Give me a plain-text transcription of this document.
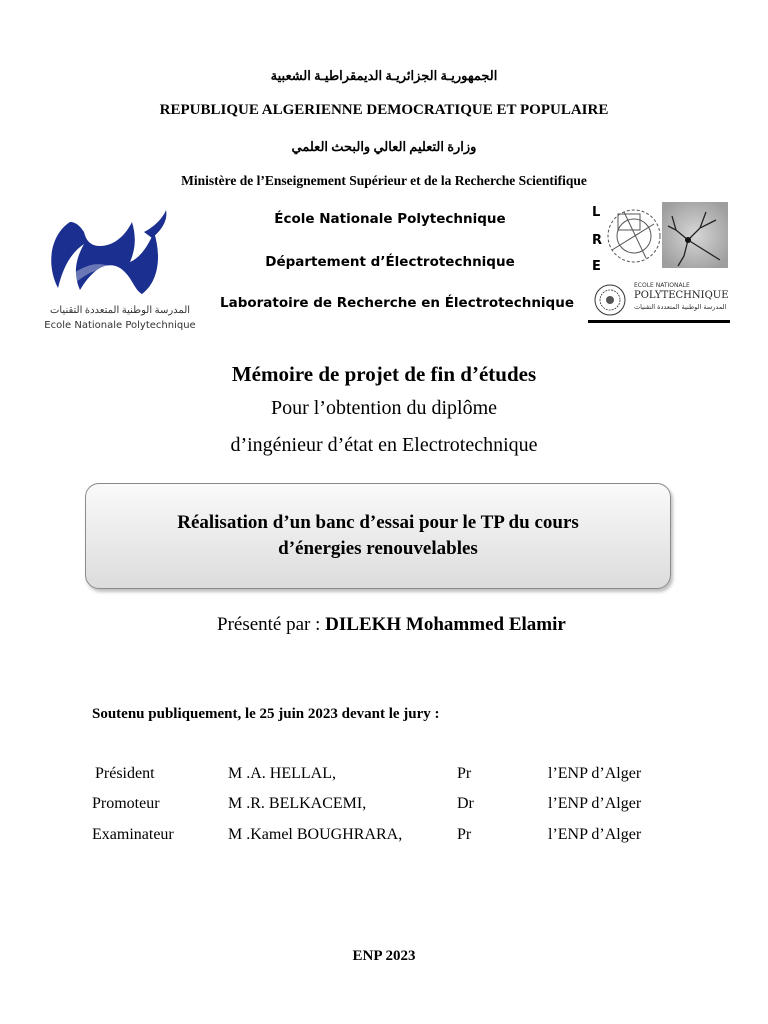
الجمهوريـة الجزائريـة الديمقراطيـة الشعبية
REPUBLIQUE ALGERIENNE DEMOCRATIQUE ET POPULAIRE
وزارة التعليم العالي والبحث العلمي
Ministère de l’Enseignement Supérieur et de la Recherche Scientifique
المدرسة الوطنية المتعددة التقنيات
Ecole Nationale Polytechnique
École Nationale Polytechnique
Département d’Électrotechnique
Laboratoire de Recherche en Électrotechnique
L
R
E
ECOLE NATIONALE
POLYTECHNIQUE
المدرسة الوطنية المتعددة التقنيات
Mémoire de projet de fin d’études
Pour l’obtention du diplôme
d’ingénieur d’état en Electrotechnique
Réalisation d’un banc d’essai pour le TP du cours
d’énergies renouvelables
Présenté par : DILEKH Mohammed Elamir
Soutenu publiquement, le 25 juin 2023 devant le jury :
Président	M .A. HELLAL,	Pr	l’ENP d’Alger
Promoteur	M .R. BELKACEMI,	Dr	l’ENP d’Alger
Examinateur	M .Kamel BOUGHRARA,	Pr	l’ENP d’Alger
ENP 2023
